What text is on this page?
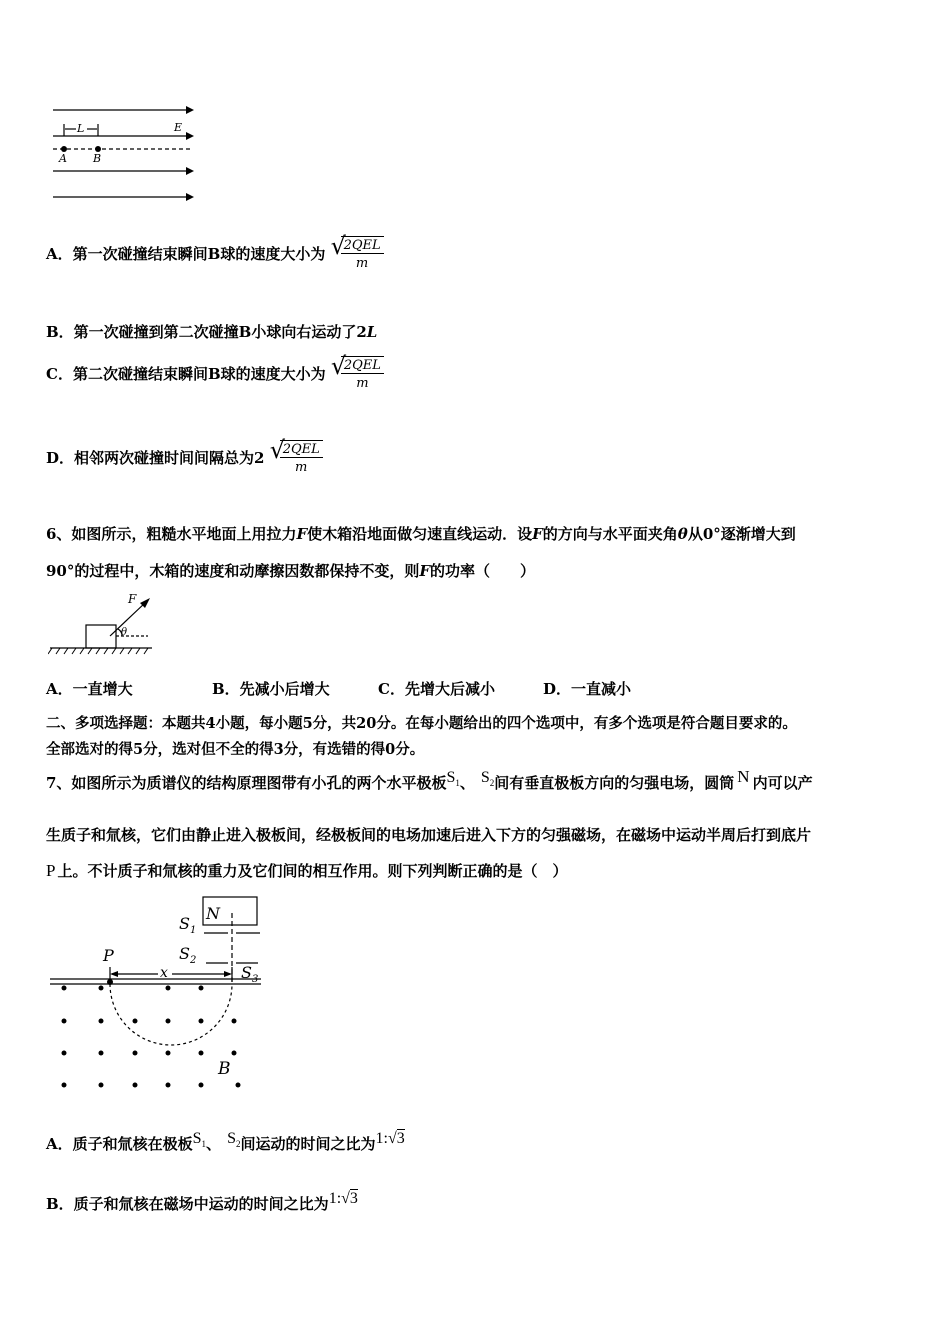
L	E
A B
A．第一次碰撞结束瞬间B球的速度大小为 √
$\frac{\text{2QEL}}{m}$
B．第一次碰撞到第二次碰撞B小球向右运动了2L
C．第二次碰撞结束瞬间B球的速度大小为 √
$\frac{\text{2QEL}}{m}$
D．相邻两次碰撞时间间隔总为2 √
$\frac{\text{2QEL}}{m}$
6、如图所示，粗糙水平地面上用拉力F使木箱沿地面做匀速直线运动．设F的方向与水平面夹角θ从0°逐渐增大到
90°的过程中，木箱的速度和动摩擦因数都保持不变，则F的功率（　　）
F
θ
A．一直增大	B．先减小后增大	C．先增大后减小	D．一直减小
二、多项选择题：本题共4小题，每小题5分，共20分。在每小题给出的四个选项中，有多个选项是符合题目要求的。
全部选对的得5分，选对但不全的得3分，有选错的得0分。
7、如图所示为质谱仪的结构原理图带有小孔的两个水平极板$S_1$、 $S_2$间有垂直极板方向的匀强电场，圆筒 N 内可以产
生质子和氚核，它们由静止进入极板间，经极板间的电场加速后进入下方的匀强磁场，在磁场中运动半周后打到底片
P 上。不计质子和氚核的重力及它们间的相互作用。则下列判断正确的是（　）
N
$S_1$
$S_2$
$S_3$
P
x
B
A．质子和氚核在极板$S_1$、 $S_2$间运动的时间之比为1:√3
B．质子和氚核在磁场中运动的时间之比为1:√3
